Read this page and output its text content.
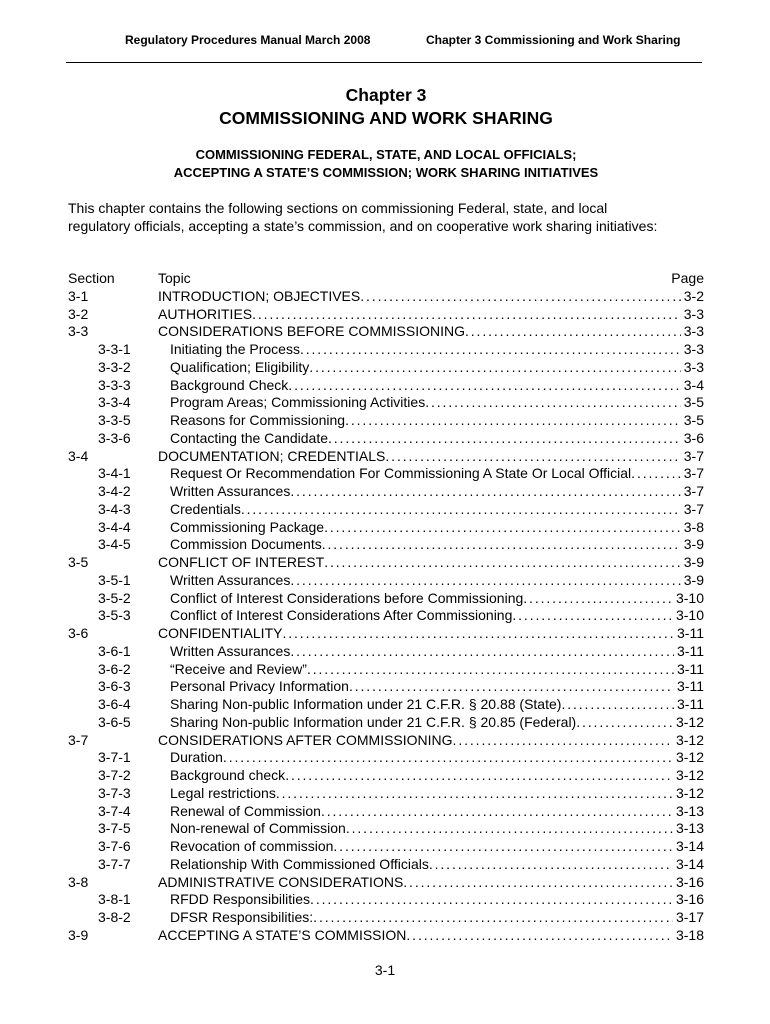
Regulatory Procedures Manual March 2008	Chapter 3 Commissioning and Work Sharing
Chapter 3
COMMISSIONING AND WORK SHARING
COMMISSIONING FEDERAL, STATE, AND LOCAL OFFICIALS;
ACCEPTING A STATE’S COMMISSION; WORK SHARING INITIATIVES
This chapter contains the following sections on commissioning Federal, state, and local regulatory officials, accepting a state’s commission, and on cooperative work sharing initiatives:
Section	Topic	Page
3-1	INTRODUCTION; OBJECTIVES . . .	3-2
3-2	AUTHORITIES . . .	3-3
3-3	CONSIDERATIONS BEFORE COMMISSIONING . . .	3-3
3-3-1	Initiating the Process . . .	3-3
3-3-2	Qualification; Eligibility . . .	3-3
3-3-3	Background Check . . .	3-4
3-3-4	Program Areas; Commissioning Activities . . .	3-5
3-3-5	Reasons for Commissioning . . .	3-5
3-3-6	Contacting the Candidate . . .	3-6
3-4	DOCUMENTATION; CREDENTIALS . . .	3-7
3-4-1	Request Or Recommendation For Commissioning A State Or Local Official . . .	3-7
3-4-2	Written Assurances . . .	3-7
3-4-3	Credentials . . .	3-7
3-4-4	Commissioning Package . . .	3-8
3-4-5	Commission Documents . . .	3-9
3-5	CONFLICT OF INTEREST . . .	3-9
3-5-1	Written Assurances . . .	3-9
3-5-2	Conflict of Interest Considerations before Commissioning . . .	3-10
3-5-3	Conflict of Interest Considerations After Commissioning . . .	3-10
3-6	CONFIDENTIALITY . . .	3-11
3-6-1	Written Assurances . . .	3-11
3-6-2	“Receive and Review” . . .	3-11
3-6-3	Personal Privacy Information . . .	3-11
3-6-4	Sharing Non-public Information under 21 C.F.R. § 20.88 (State) . . .	3-11
3-6-5	Sharing Non-public Information under 21 C.F.R. § 20.85 (Federal) . . .	3-12
3-7	CONSIDERATIONS AFTER COMMISSIONING . . .	3-12
3-7-1	Duration . . .	3-12
3-7-2	Background check . . .	3-12
3-7-3	Legal restrictions . . .	3-12
3-7-4	Renewal of Commission . . .	3-13
3-7-5	Non-renewal of Commission . . .	3-13
3-7-6	Revocation of commission . . .	3-14
3-7-7	Relationship With Commissioned Officials . . .	3-14
3-8	ADMINISTRATIVE CONSIDERATIONS . . .	3-16
3-8-1	RFDD Responsibilities . . .	3-16
3-8-2	DFSR Responsibilities: . . .	3-17
3-9	ACCEPTING A STATE’S COMMISSION . . .	3-18
3-1
